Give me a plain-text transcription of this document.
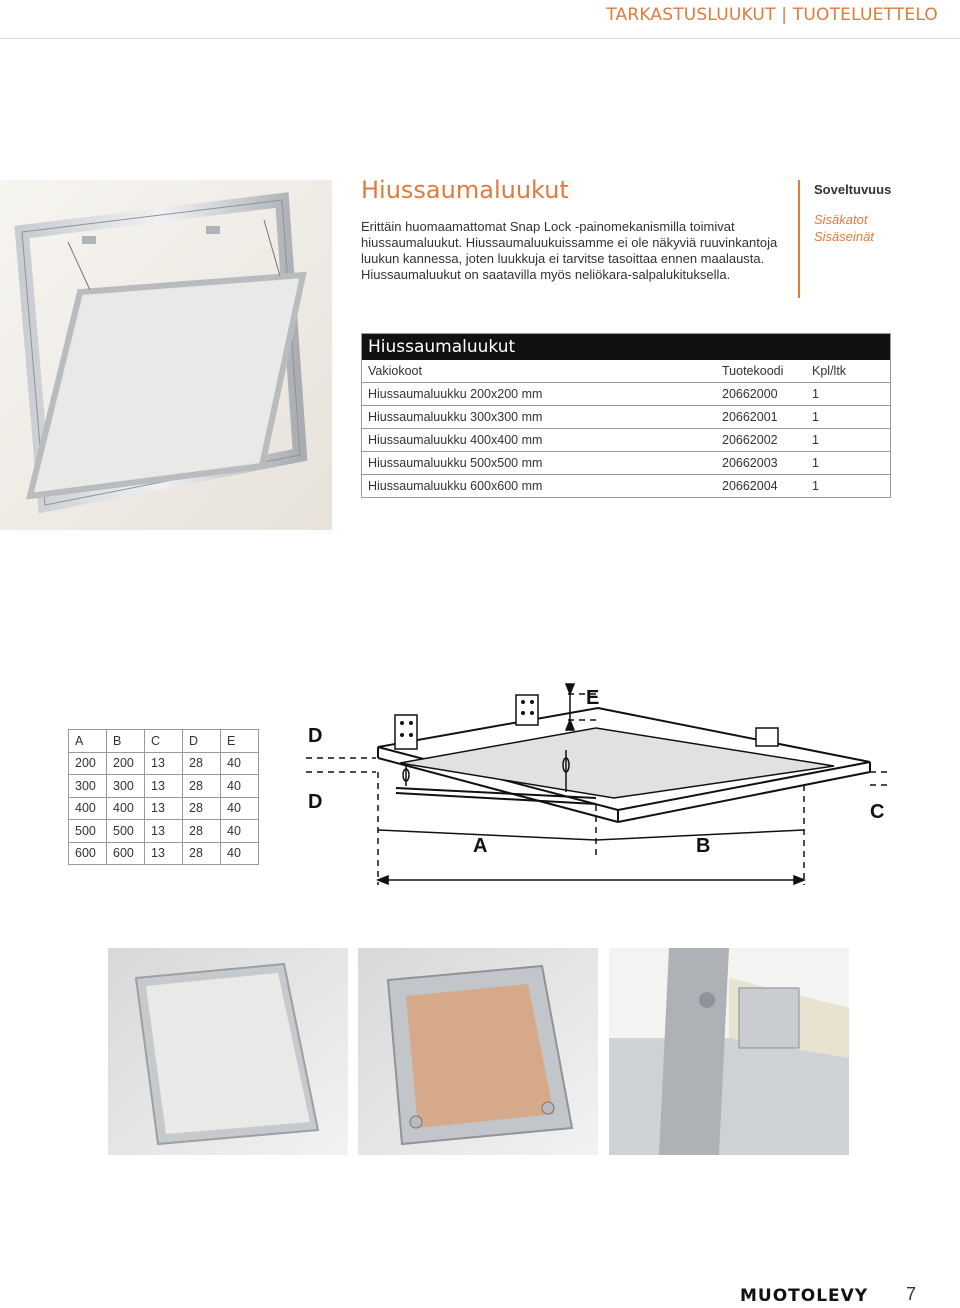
TARKASTUSLUUKUT | TUOTELUETTELO
Hiussaumaluukut
Erittäin huomaamattomat Snap Lock -painomekanismilla toimivat hiussaumaluukut. Hiussaumaluukuissamme ei ole näkyviä ruuvinkantoja luukun kannessa, joten luukkuja ei tarvitse tasoittaa ennen maalausta. Hiussaumaluukut on saatavilla myös neliökara-salpalukituksella.
Soveltuvuus
Sisäkatot
Sisäseinät
Hiussaumaluukut		
Vakiokoot	Tuotekoodi	Kpl/ltk
Hiussaumaluukku 200x200 mm	20662000	1
Hiussaumaluukku 300x300 mm	20662001	1
Hiussaumaluukku 400x400 mm	20662002	1
Hiussaumaluukku 500x500 mm	20662003	1
Hiussaumaluukku 600x600 mm	20662004	1
A	B	C	D	E
200	200	13	28	40
300	300	13	28	40
400	400	13	28	40
500	500	13	28	40
600	600	13	28	40
D
D
E
A	B
C
MUOTOLEVY 7
